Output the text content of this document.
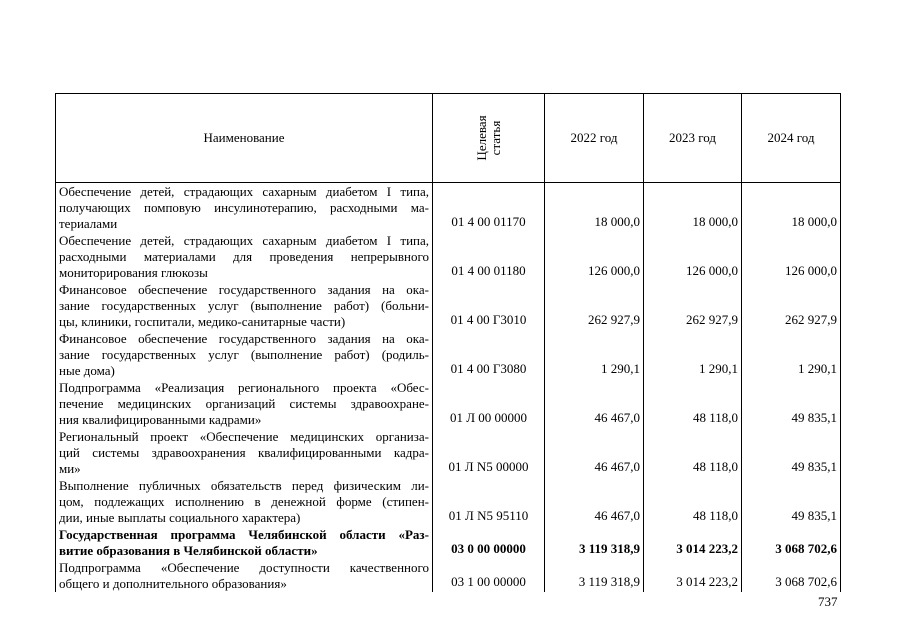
Наименование	Целевая статья	2022 год	2023 год	2024 год

Обеспечение детей, страдающих сахарным диабетом I типа,
получающих помповую инсулинотерапию, расходными ма-
териалами	01 4 00 01170	18 000,0	18 000,0	18 000,0

Обеспечение детей, страдающих сахарным диабетом I типа,
расходными материалами для проведения непрерывного
мониторирования глюкозы	01 4 00 01180	126 000,0	126 000,0	126 000,0

Финансовое обеспечение государственного задания на ока-
зание государственных услуг (выполнение работ) (больни-
цы, клиники, госпитали, медико-санитарные части)	01 4 00 Г3010	262 927,9	262 927,9	262 927,9

Финансовое обеспечение государственного задания на ока-
зание государственных услуг (выполнение работ) (родиль-
ные дома)	01 4 00 Г3080	1 290,1	1 290,1	1 290,1

Подпрограмма «Реализация регионального проекта «Обес-
печение медицинских организаций системы здравоохране-
ния квалифицированными кадрами»	01 Л 00 00000	46 467,0	48 118,0	49 835,1

Региональный проект «Обеспечение медицинских организа-
ций системы здравоохранения квалифицированными кадра-
ми»	01 Л N5 00000	46 467,0	48 118,0	49 835,1

Выполнение публичных обязательств перед физическим ли-
цом, подлежащих исполнению в денежной форме (стипен-
дии, иные выплаты социального характера)	01 Л N5 95110	46 467,0	48 118,0	49 835,1

Государственная программа Челябинской области «Раз-
витие образования в Челябинской области»	03 0 00 00000	3 119 318,9	3 014 223,2	3 068 702,6

Подпрограмма «Обеспечение доступности качественного
общего и дополнительного образования»	03 1 00 00000	3 119 318,9	3 014 223,2	3 068 702,6
737
